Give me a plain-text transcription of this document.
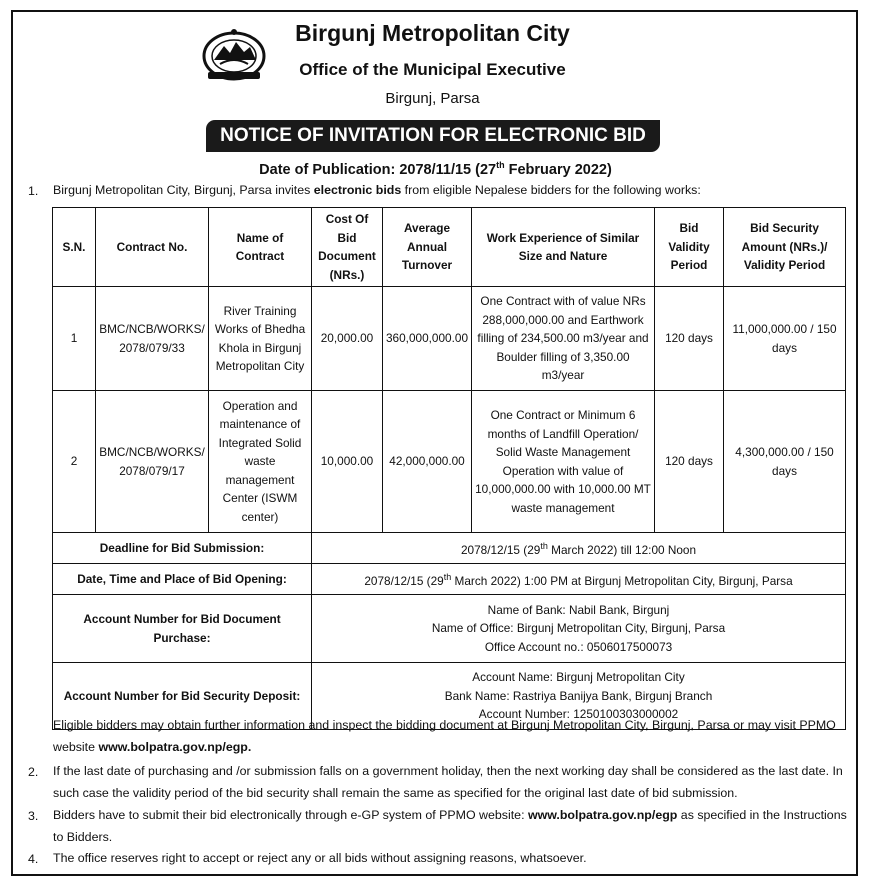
Birgunj Metropolitan City
Office of the Municipal Executive
Birgunj, Parsa
NOTICE OF INVITATION FOR ELECTRONIC BID
Date of Publication: 2078/11/15 (27th February 2022)
1. Birgunj Metropolitan City, Birgunj, Parsa invites electronic bids from eligible Nepalese bidders for the following works:
S.N.	Contract No.	Name of Contract	Cost Of Bid Document (NRs.)	Average Annual Turnover	Work Experience of Similar Size and Nature	Bid Validity Period	Bid Security Amount (NRs.)/ Validity Period
1	BMC/NCB/WORKS/ 2078/079/33	River Training Works of Bhedha Khola in Birgunj Metropolitan City	20,000.00	360,000,000.00	One Contract with of value NRs 288,000,000.00 and Earthwork filling of 234,500.00 m3/year and Boulder filling of 3,350.00 m3/year	120 days	11,000,000.00 / 150 days
2	BMC/NCB/WORKS/ 2078/079/17	Operation and maintenance of Integrated Solid waste management Center (ISWM center)	10,000.00	42,000,000.00	One Contract or Minimum 6 months of Landfill Operation/ Solid Waste Management Operation with value of 10,000,000.00 with 10,000.00 MT waste management	120 days	4,300,000.00 / 150 days
Deadline for Bid Submission:			2078/12/15 (29th March 2022) till 12:00 Noon				
Date, Time and Place of Bid Opening:			2078/12/15 (29th March 2022) 1:00 PM at Birgunj Metropolitan City, Birgunj, Parsa				
Account Number for Bid Document Purchase:			Name of Bank: Nabil Bank, Birgunj
Name of Office: Birgunj Metropolitan City, Birgunj, Parsa
Office Account no.: 0506017500073				

Account Number for Bid Security Deposit:			Account Name: Birgunj Metropolitan City
Bank Name: Rastriya Banijya Bank, Birgunj Branch
Account Number: 1250100303000002				
Eligible bidders may obtain further information and inspect the bidding document at Birgunj Metropolitan City, Birgunj, Parsa or may visit PPMO website www.bolpatra.gov.np/egp.
2. If the last date of purchasing and /or submission falls on a government holiday, then the next working day shall be considered as the last date. In such case the validity period of the bid security shall remain the same as specified for the original last date of bid submission.
3. Bidders have to submit their bid electronically through e-GP system of PPMO website: www.bolpatra.gov.np/egp as specified in the Instructions to Bidders.
4. The office reserves right to accept or reject any or all bids without assigning reasons, whatsoever.
